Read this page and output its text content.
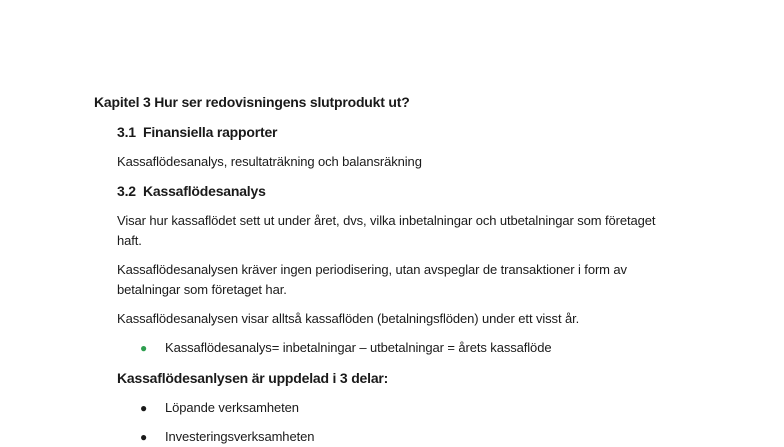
Kapitel 3 Hur ser redovisningens slutprodukt ut?
3.1 Finansiella rapporter
Kassaflödesanalys, resultaträkning och balansräkning
3.2 Kassaflödesanalys
Visar hur kassaflödet sett ut under året, dvs, vilka inbetalningar och utbetalningar som företaget
haft.
Kassaflödesanalysen kräver ingen periodisering, utan avspeglar de transaktioner i form av
betalningar som företaget har.
Kassaflödesanalysen visar alltså kassaflöden (betalningsflöden) under ett visst år.
● Kassaflödesanalys= inbetalningar – utbetalningar = årets kassaflöde
Kassaflödesanlysen är uppdelad i 3 delar:
● Löpande verksamheten
● Investeringsverksamheten
